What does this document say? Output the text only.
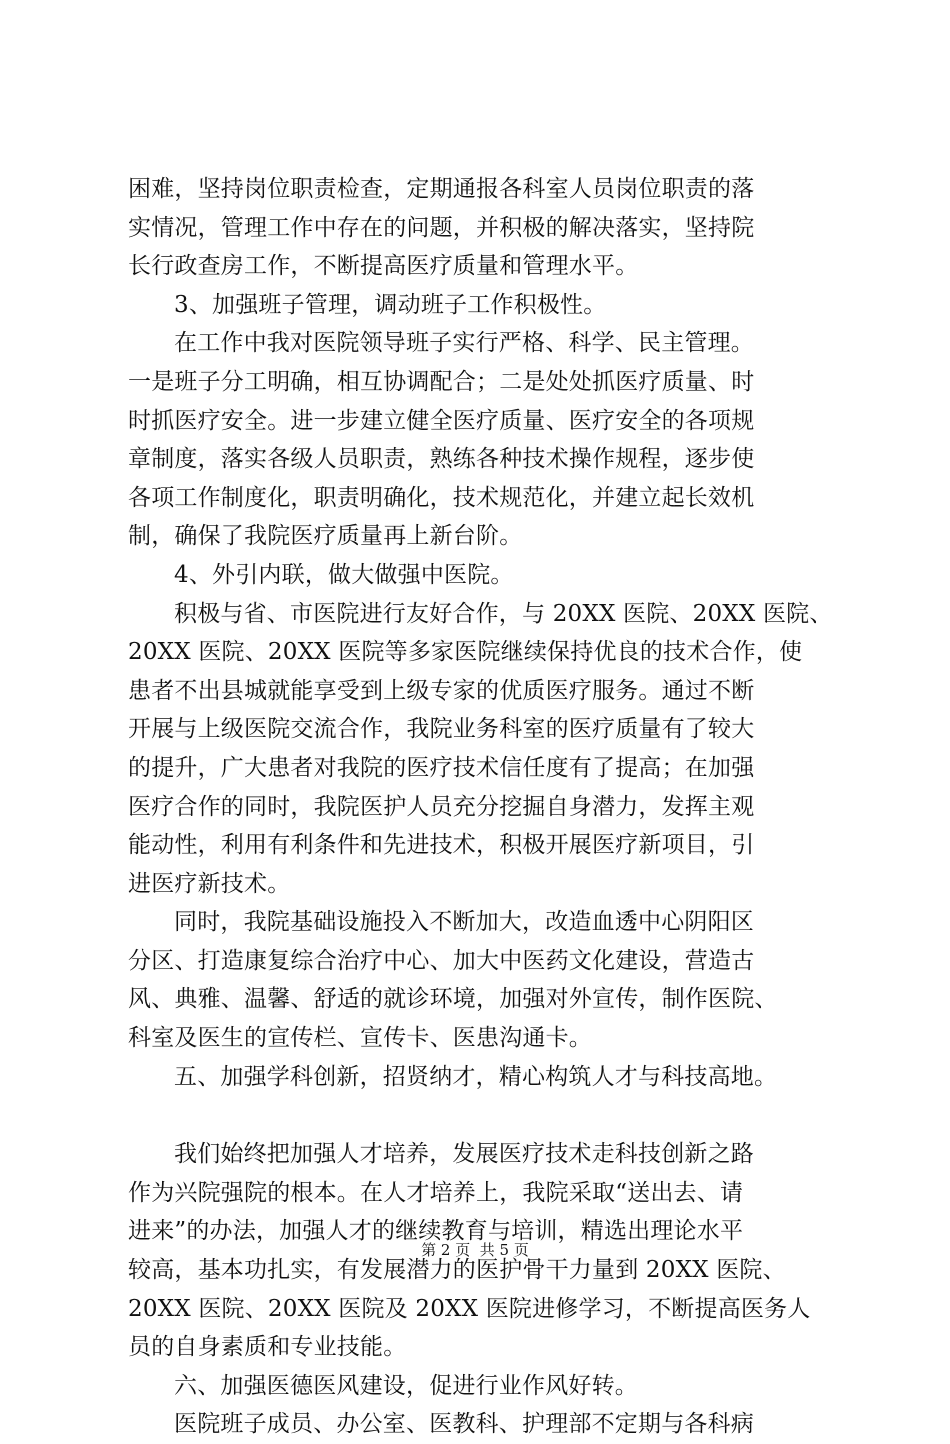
困难，坚持岗位职责检查，定期通报各科室人员岗位职责的落
实情况，管理工作中存在的问题，并积极的解决落实，坚持院
长行政查房工作，不断提高医疗质量和管理水平。
3、加强班子管理，调动班子工作积极性。
在工作中我对医院领导班子实行严格、科学、民主管理。
一是班子分工明确，相互协调配合；二是处处抓医疗质量、时
时抓医疗安全。进一步建立健全医疗质量、医疗安全的各项规
章制度，落实各级人员职责，熟练各种技术操作规程，逐步使
各项工作制度化，职责明确化，技术规范化，并建立起长效机
制，确保了我院医疗质量再上新台阶。
4、外引内联，做大做强中医院。
积极与省、市医院进行友好合作，与 20XX 医院、20XX 医院、
20XX 医院、20XX 医院等多家医院继续保持优良的技术合作，使
患者不出县城就能享受到上级专家的优质医疗服务。通过不断
开展与上级医院交流合作，我院业务科室的医疗质量有了较大
的提升，广大患者对我院的医疗技术信任度有了提高；在加强
医疗合作的同时，我院医护人员充分挖掘自身潜力，发挥主观
能动性，利用有利条件和先进技术，积极开展医疗新项目，引
进医疗新技术。
同时，我院基础设施投入不断加大，改造血透中心阴阳区
分区、打造康复综合治疗中心、加大中医药文化建设，营造古
风、典雅、温馨、舒适的就诊环境，加强对外宣传，制作医院、
科室及医生的宣传栏、宣传卡、医患沟通卡。
五、加强学科创新，招贤纳才，精心构筑人才与科技高地。
我们始终把加强人才培养，发展医疗技术走科技创新之路
作为兴院强院的根本。在人才培养上，我院采取“送出去、请
进来”的办法，加强人才的继续教育与培训，精选出理论水平
较高，基本功扎实，有发展潜力的医护骨干力量到 20XX 医院、
20XX 医院、20XX 医院及 20XX 医院进修学习，不断提高医务人
员的自身素质和专业技能。
六、加强医德医风建设，促进行业作风好转。
医院班子成员、办公室、医教科、护理部不定期与各科病
第 2 页 共 5 页
